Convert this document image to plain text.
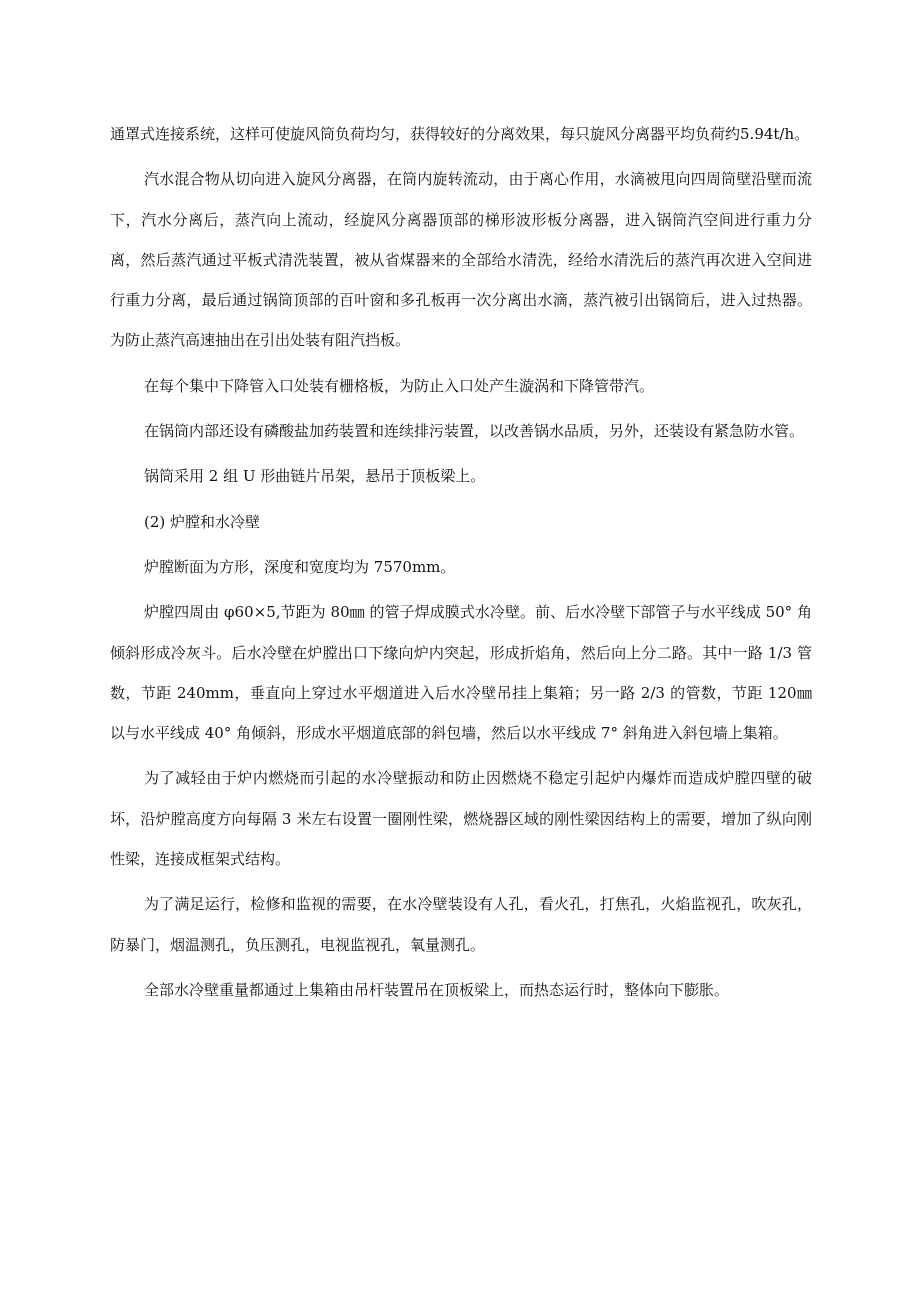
通罩式连接系统，这样可使旋风筒负荷均匀，获得较好的分离效果，每只旋风分离器平均负荷约5.94t/h。

汽水混合物从切向进入旋风分离器，在筒内旋转流动，由于离心作用，水滴被甩向四周筒壁沿壁而流下，汽水分离后，蒸汽向上流动，经旋风分离器顶部的梯形波形板分离器，进入锅筒汽空间进行重力分离，然后蒸汽通过平板式清洗装置，被从省煤器来的全部给水清洗，经给水清洗后的蒸汽再次进入空间进行重力分离，最后通过锅筒顶部的百叶窗和多孔板再一次分离出水滴，蒸汽被引出锅筒后，进入过热器。为防止蒸汽高速抽出在引出处装有阻汽挡板。

在每个集中下降管入口处装有栅格板，为防止入口处产生漩涡和下降管带汽。

在锅筒内部还设有磷酸盐加药装置和连续排污装置，以改善锅水品质，另外，还装设有紧急防水管。

锅筒采用 2 组 U 形曲链片吊架，悬吊于顶板梁上。

(2) 炉膛和水冷壁

炉膛断面为方形，深度和宽度均为 7570mm。

炉膛四周由 φ60×5,节距为 80㎜ 的管子焊成膜式水冷壁。前、后水冷壁下部管子与水平线成 50° 角倾斜形成冷灰斗。后水冷壁在炉膛出口下缘向炉内突起，形成折焰角，然后向上分二路。其中一路 1/3 管数，节距 240mm，垂直向上穿过水平烟道进入后水冷壁吊挂上集箱；另一路 2/3 的管数，节距 120㎜ 以与水平线成 40° 角倾斜，形成水平烟道底部的斜包墙，然后以水平线成 7° 斜角进入斜包墙上集箱。

为了减轻由于炉内燃烧而引起的水冷壁振动和防止因燃烧不稳定引起炉内爆炸而造成炉膛四壁的破坏，沿炉膛高度方向每隔 3 米左右设置一圈刚性梁，燃烧器区域的刚性梁因结构上的需要，增加了纵向刚性梁，连接成框架式结构。

为了满足运行，检修和监视的需要，在水冷壁装设有人孔，看火孔，打焦孔，火焰监视孔，吹灰孔，防暴门，烟温测孔，负压测孔，电视监视孔，氧量测孔。

全部水冷壁重量都通过上集箱由吊杆装置吊在顶板梁上，而热态运行时，整体向下膨胀。
